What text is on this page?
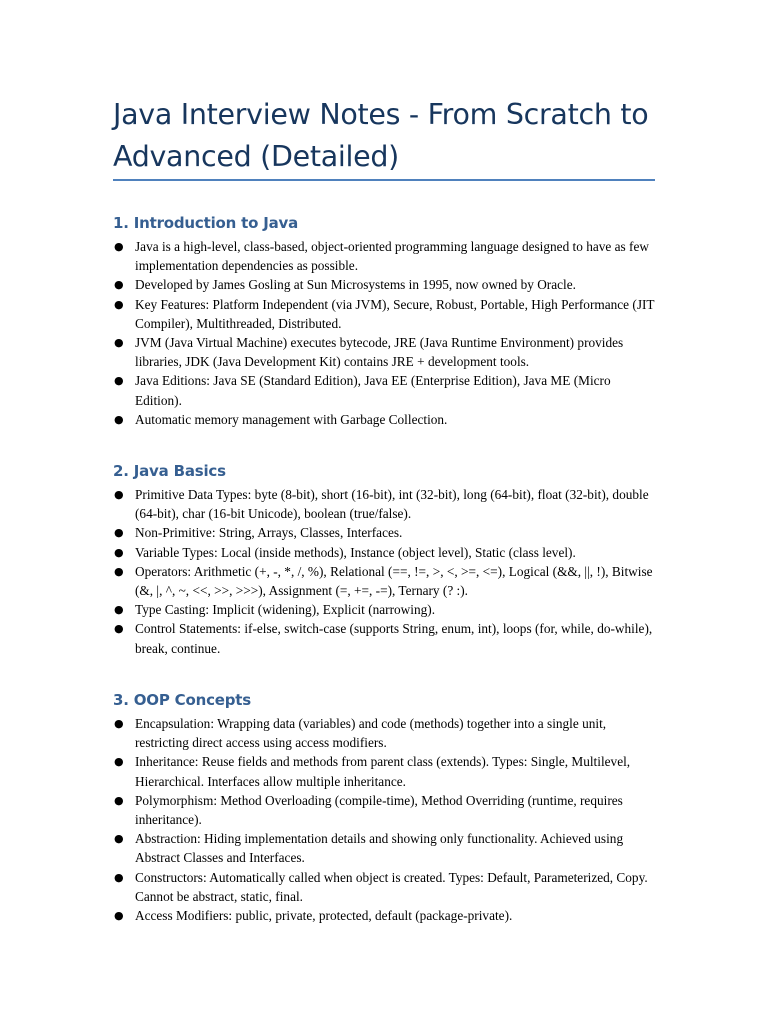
Java Interview Notes - From Scratch to Advanced (Detailed)
1. Introduction to Java
● Java is a high-level, class-based, object-oriented programming language designed to have as few implementation dependencies as possible.
● Developed by James Gosling at Sun Microsystems in 1995, now owned by Oracle.
● Key Features: Platform Independent (via JVM), Secure, Robust, Portable, High Performance (JIT Compiler), Multithreaded, Distributed.
● JVM (Java Virtual Machine) executes bytecode, JRE (Java Runtime Environment) provides libraries, JDK (Java Development Kit) contains JRE + development tools.
● Java Editions: Java SE (Standard Edition), Java EE (Enterprise Edition), Java ME (Micro Edition).
● Automatic memory management with Garbage Collection.
2. Java Basics
● Primitive Data Types: byte (8-bit), short (16-bit), int (32-bit), long (64-bit), float (32-bit), double (64-bit), char (16-bit Unicode), boolean (true/false).
● Non-Primitive: String, Arrays, Classes, Interfaces.
● Variable Types: Local (inside methods), Instance (object level), Static (class level).
● Operators: Arithmetic (+, -, *, /, %), Relational (==, !=, >, <, >=, <=), Logical (&&, ||, !), Bitwise (&, |, ^, ~, <<, >>, >>>), Assignment (=, +=, -=), Ternary (? :).
● Type Casting: Implicit (widening), Explicit (narrowing).
● Control Statements: if-else, switch-case (supports String, enum, int), loops (for, while, do-while), break, continue.
3. OOP Concepts
● Encapsulation: Wrapping data (variables) and code (methods) together into a single unit, restricting direct access using access modifiers.
● Inheritance: Reuse fields and methods from parent class (extends). Types: Single, Multilevel, Hierarchical. Interfaces allow multiple inheritance.
● Polymorphism: Method Overloading (compile-time), Method Overriding (runtime, requires inheritance).
● Abstraction: Hiding implementation details and showing only functionality. Achieved using Abstract Classes and Interfaces.
● Constructors: Automatically called when object is created. Types: Default, Parameterized, Copy. Cannot be abstract, static, final.
● Access Modifiers: public, private, protected, default (package-private).
